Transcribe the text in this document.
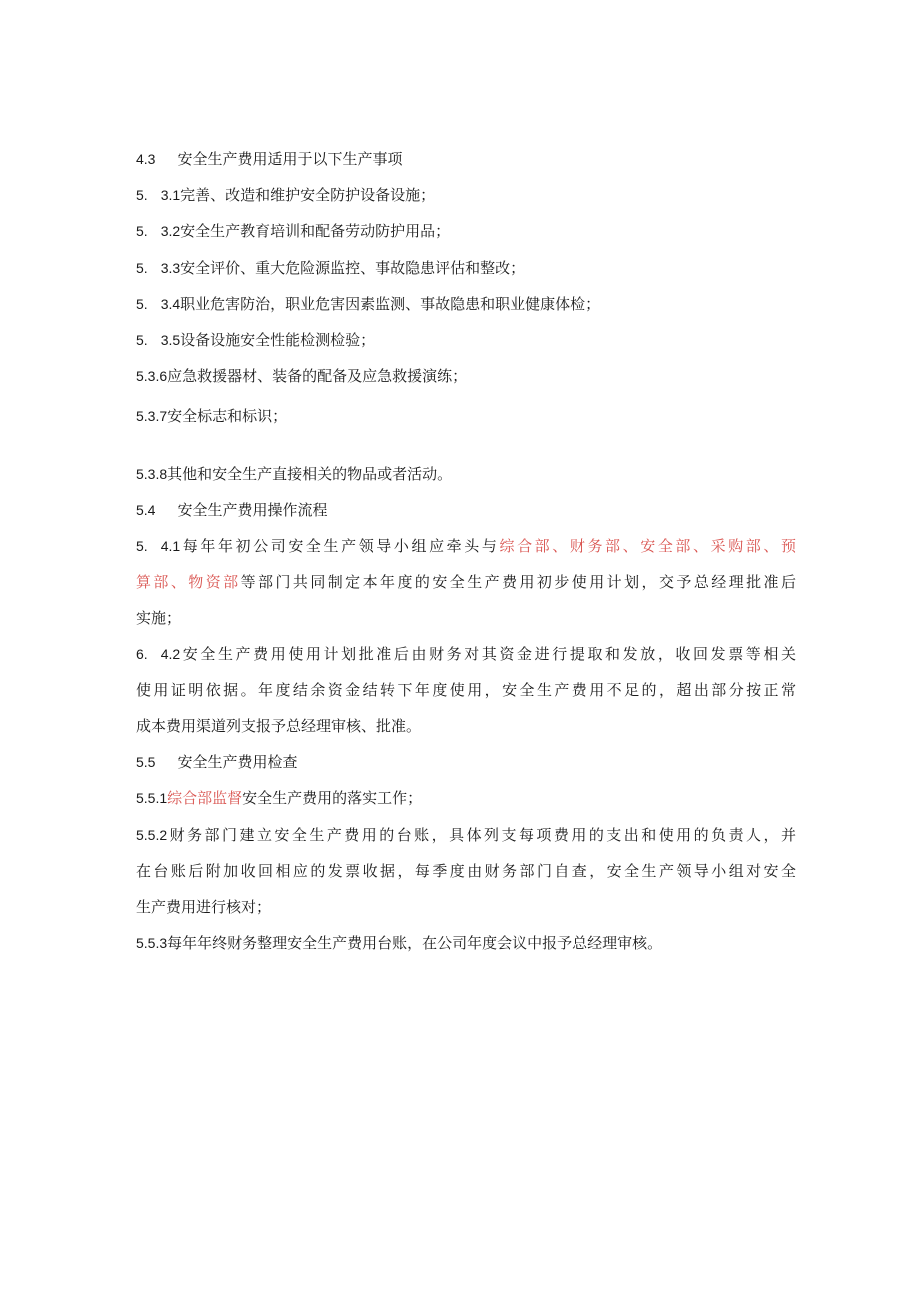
4.3 安全生产费用适用于以下生产事项
5. 3.1完善、改造和维护安全防护设备设施；
5. 3.2安全生产教育培训和配备劳动防护用品；
5. 3.3安全评价、重大危险源监控、事故隐患评估和整改；
5. 3.4职业危害防治，职业危害因素监测、事故隐患和职业健康体检；
5. 3.5设备设施安全性能检测检验；
5.3.6应急救援器材、装备的配备及应急救援演练；
5.3.7安全标志和标识；
5.3.8其他和安全生产直接相关的物品或者活动。
5.4 安全生产费用操作流程
5. 4.1每年年初公司安全生产领导小组应牵头与综合部、财务部、安全部、采购部、预
算部、物资部等部门共同制定本年度的安全生产费用初步使用计划，交予总经理批准后
实施；
6. 4.2安全生产费用使用计划批准后由财务对其资金进行提取和发放，收回发票等相关
使用证明依据。年度结余资金结转下年度使用，安全生产费用不足的，超出部分按正常
成本费用渠道列支报予总经理审核、批准。
5.5 安全生产费用检查
5.5.1综合部监督安全生产费用的落实工作；
5.5.2财务部门建立安全生产费用的台账，具体列支每项费用的支出和使用的负责人，并
在台账后附加收回相应的发票收据，每季度由财务部门自查，安全生产领导小组对安全
生产费用进行核对；
5.5.3每年年终财务整理安全生产费用台账，在公司年度会议中报予总经理审核。
